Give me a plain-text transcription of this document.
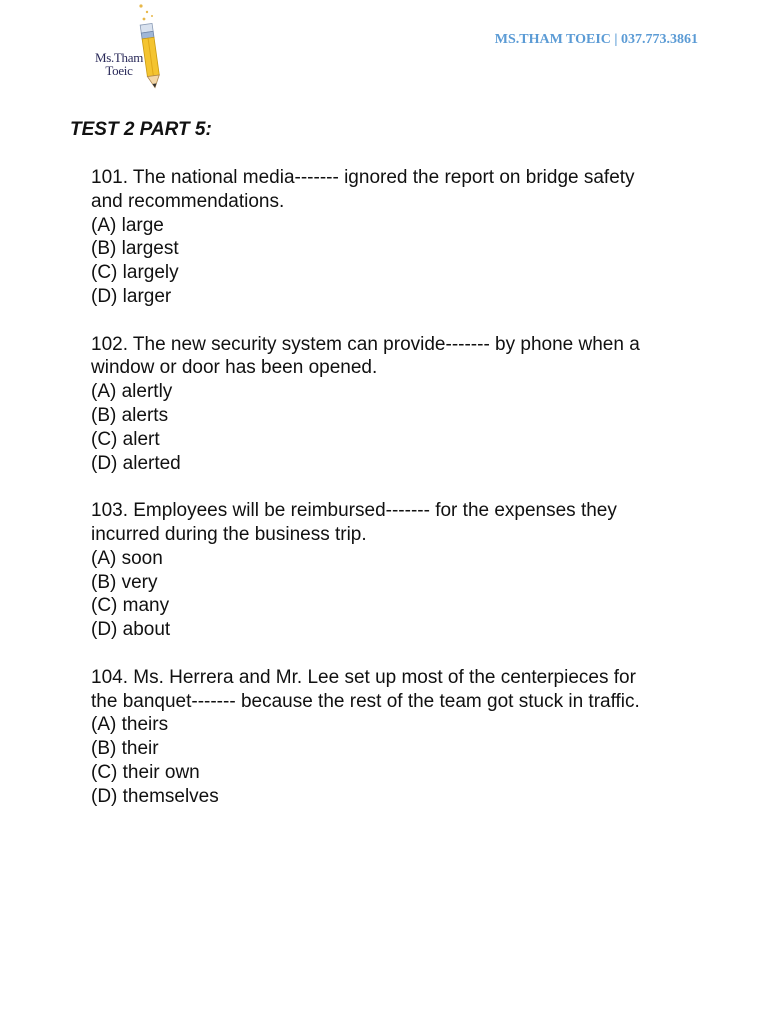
Ms.Tham
Toeic
MS.THAM TOEIC | 037.773.3861
TEST 2 PART 5:
101. The national media------- ignored the report on bridge safety
and recommendations.
(A) large
(B) largest
(C) largely
(D) larger
102. The new security system can provide------- by phone when a
window or door has been opened.
(A) alertly
(B) alerts
(C) alert
(D) alerted
103. Employees will be reimbursed------- for the expenses they
incurred during the business trip.
(A) soon
(B) very
(C) many
(D) about
104. Ms. Herrera and Mr. Lee set up most of the centerpieces for
the banquet------- because the rest of the team got stuck in traffic.
(A) theirs
(B) their
(C) their own
(D) themselves
